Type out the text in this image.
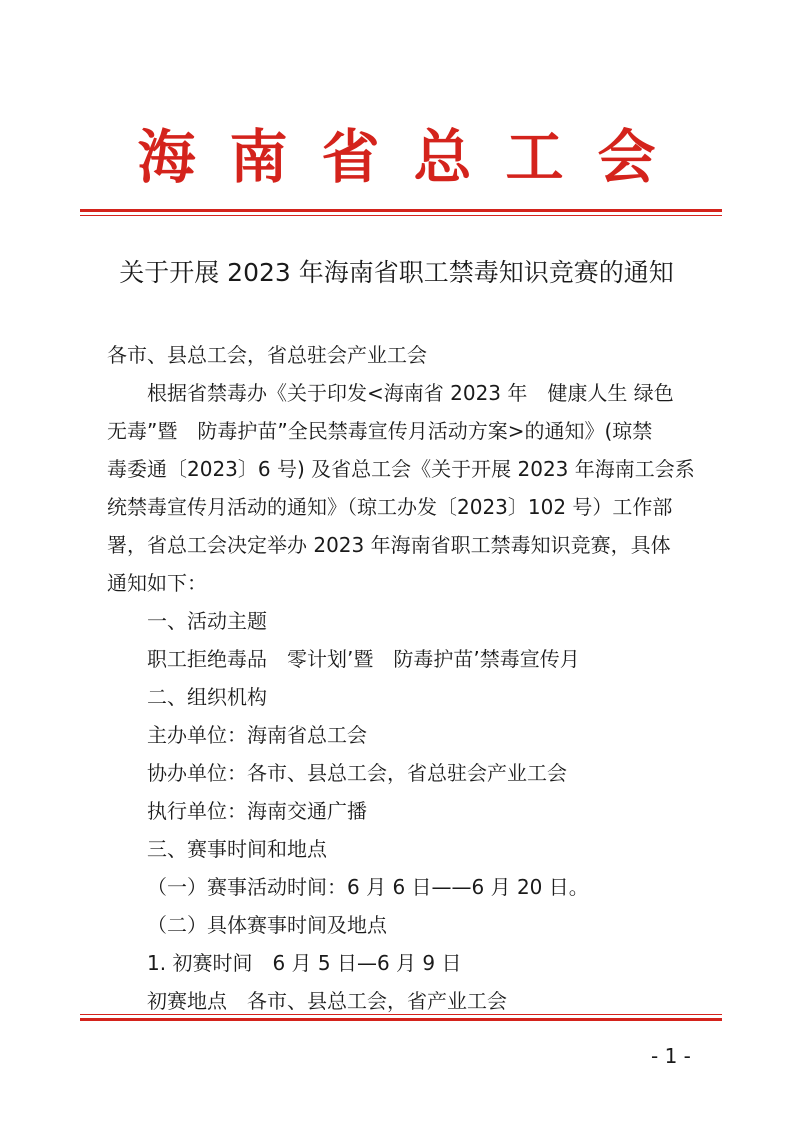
海南省总工会
关于开展 2023 年海南省职工禁毒知识竞赛的通知
各市、县总工会，省总驻会产业工会
根据省禁毒办《关于印发<海南省 2023 年　健康人生 绿色
无毒”暨　防毒护苗”全民禁毒宣传月活动方案>的通知》(琼禁
毒委通〔2023〕6 号) 及省总工会《关于开展 2023 年海南工会系
统禁毒宣传月活动的通知》（琼工办发〔2023〕102 号）工作部
署，省总工会决定举办 2023 年海南省职工禁毒知识竞赛，具体
通知如下：
一、活动主题
职工拒绝毒品　零计划’暨　防毒护苗’禁毒宣传月
二、组织机构
主办单位：海南省总工会
协办单位：各市、县总工会，省总驻会产业工会
执行单位：海南交通广播
三、赛事时间和地点
（一）赛事活动时间：6 月 6 日——6 月 20 日。
（二）具体赛事时间及地点
1. 初赛时间　6 月 5 日—6 月 9 日
初赛地点　各市、县总工会，省产业工会
- 1 -
